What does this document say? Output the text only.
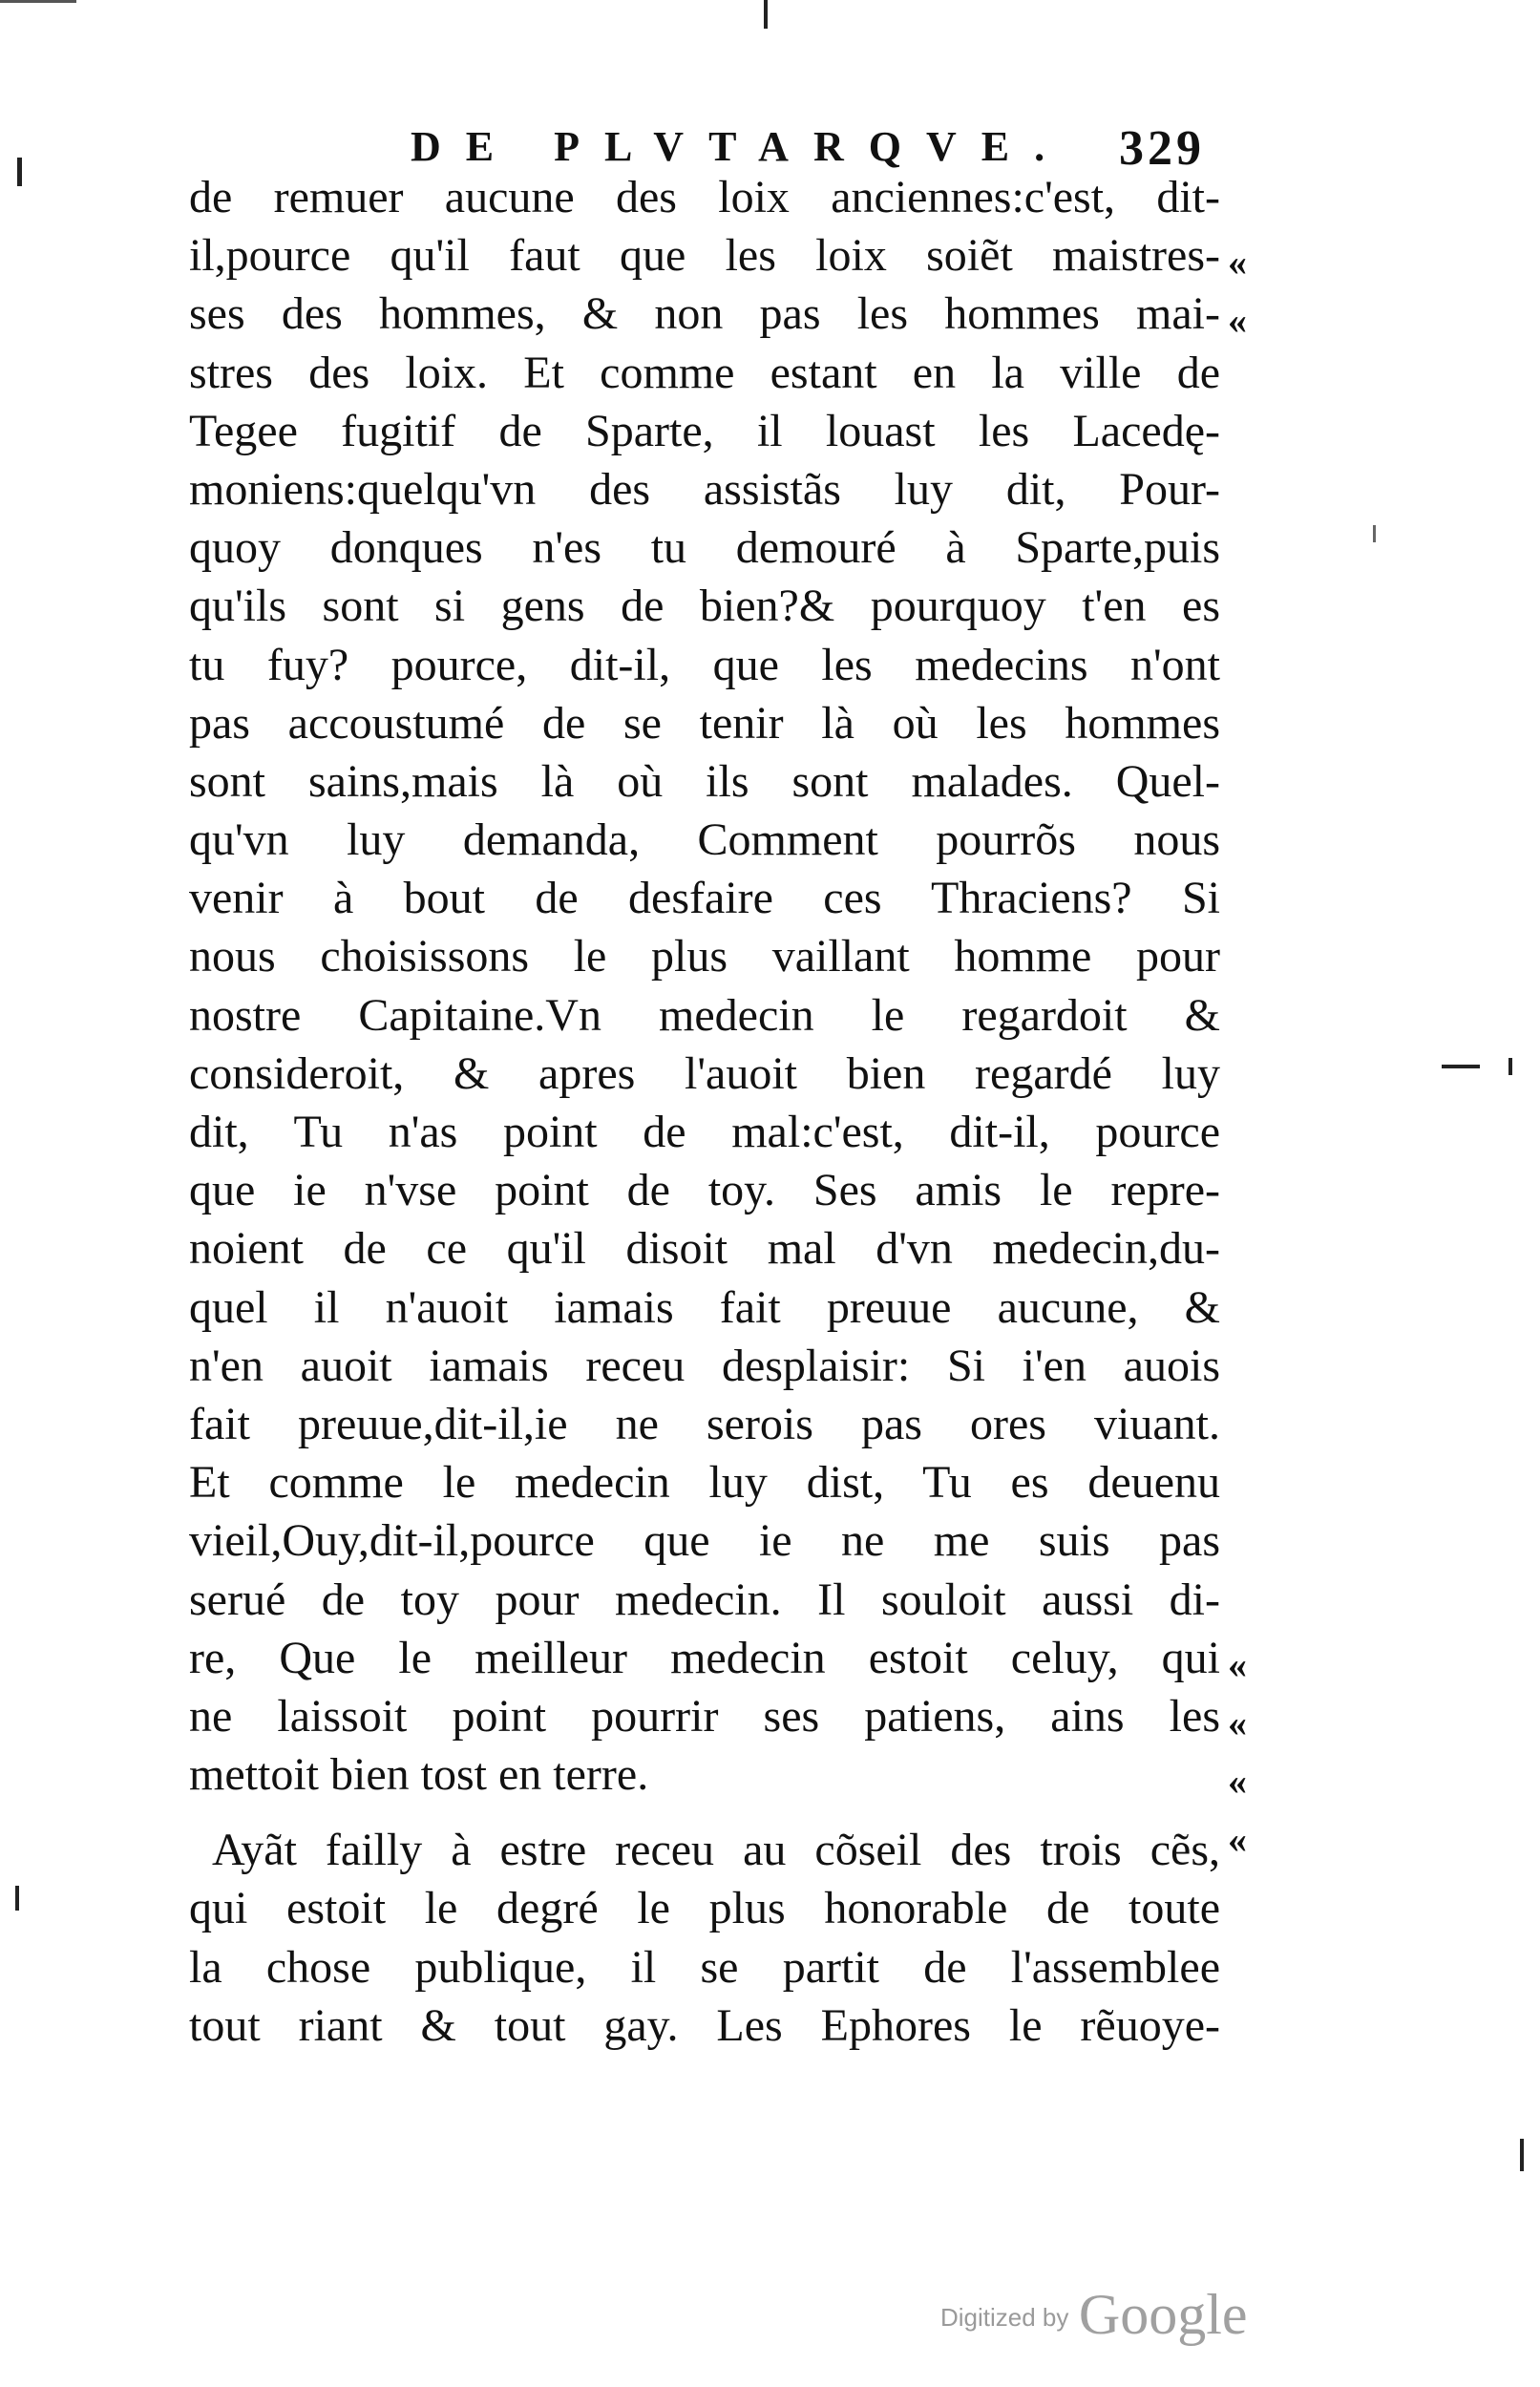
DE PLVTARQVE. 329
de remuer aucune des loix anciennes:c'est, dit-
il,pource qu'il faut que les loix soiẽt maistres-
ses des hommes, & non pas les hommes mai-
stres des loix. Et comme estant en la ville de
Tegee fugitif de Sparte, il louast les Lacedę-
moniens:quelqu'vn des assistãs luy dit, Pour-
quoy donques n'es tu demouré à Sparte,puis
qu'ils sont si gens de bien?& pourquoy t'en es
tu fuy? pource, dit-il, que les medecins n'ont
pas accoustumé de se tenir là où les hommes
sont sains,mais là où ils sont malades. Quel-
qu'vn luy demanda, Comment pourrõs nous
venir à bout de desfaire ces Thraciens? Si
nous choisissons le plus vaillant homme pour
nostre Capitaine.Vn medecin le regardoit &
consideroit, & apres l'auoit bien regardé luy
dit, Tu n'as point de mal:c'est, dit-il, pource
que ie n'vse point de toy. Ses amis le repre-
noient de ce qu'il disoit mal d'vn medecin,du-
quel il n'auoit iamais fait preuue aucune, &
n'en auoit iamais receu desplaisir: Si i'en auois
fait preuue,dit-il,ie ne serois pas ores viuant.
Et comme le medecin luy dist, Tu es deuenu
vieil,Ouy,dit-il,pource que ie ne me suis pas
serué de toy pour medecin. Il souloit aussi di-
re, Que le meilleur medecin estoit celuy, qui
ne laissoit point pourrir ses patiens, ains les
mettoit bien tost en terre.
Ayãt failly à estre receu au cõseil des trois cẽs,
qui estoit le degré le plus honorable de toute
la chose publique, il se partit de l'assemblee
tout riant & tout gay. Les Ephores le rẽuoye-
«
«
«
«
«
«
Digitized by Google
